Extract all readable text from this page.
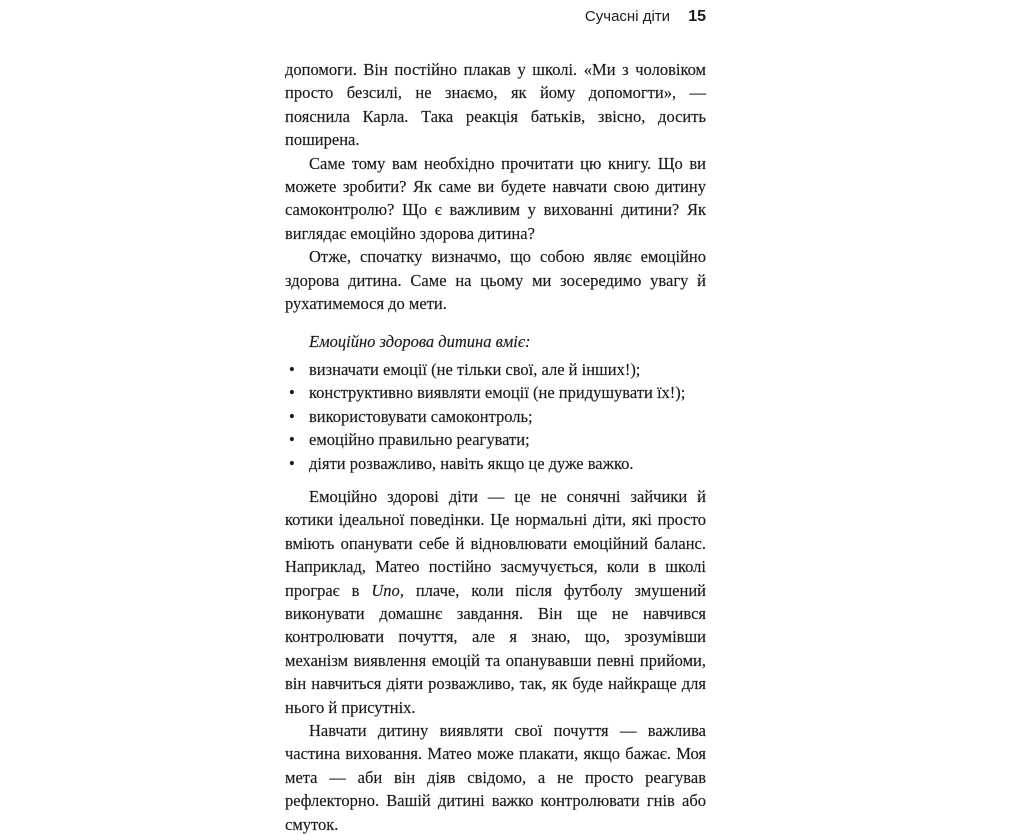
Сучасні діти 15

допомоги. Він постійно плакав у школі. «Ми з чоловіком просто безсилі, не знаємо, як йому допомогти», — пояснила Карла. Така реакція батьків, звісно, досить поширена.

Саме тому вам необхідно прочитати цю книгу. Що ви можете зробити? Як саме ви будете навчати свою дитину самоконтролю? Що є важливим у вихованні дитини? Як виглядає емоційно здорова дитина?

Отже, спочатку визначмо, що собою являє емоційно здорова дитина. Саме на цьому ми зосередимо увагу й рухатимемося до мети.

Емоційно здорова дитина вміє:

• визначати емоції (не тільки свої, але й інших!);
• конструктивно виявляти емоції (не придушувати їх!);
• використовувати самоконтроль;
• емоційно правильно реагувати;
• діяти розважливо, навіть якщо це дуже важко.

Емоційно здорові діти — це не сонячні зайчики й котики ідеальної поведінки. Це нормальні діти, які просто вміють опанувати себе й відновлювати емоційний баланс. Наприклад, Матео постійно засмучується, коли в школі програє в Uno, плаче, коли після футболу змушений виконувати домашнє завдання. Він ще не навчився контролювати почуття, але я знаю, що, зрозумівши механізм виявлення емоцій та опанувавши певні прийоми, він навчиться діяти розважливо, так, як буде найкраще для нього й присутніх.

Навчати дитину виявляти свої почуття — важлива частина виховання. Матео може плакати, якщо бажає. Моя мета — аби він діяв свідомо, а не просто реагував рефлекторно. Вашій дитині важко контролювати гнів або смуток.
